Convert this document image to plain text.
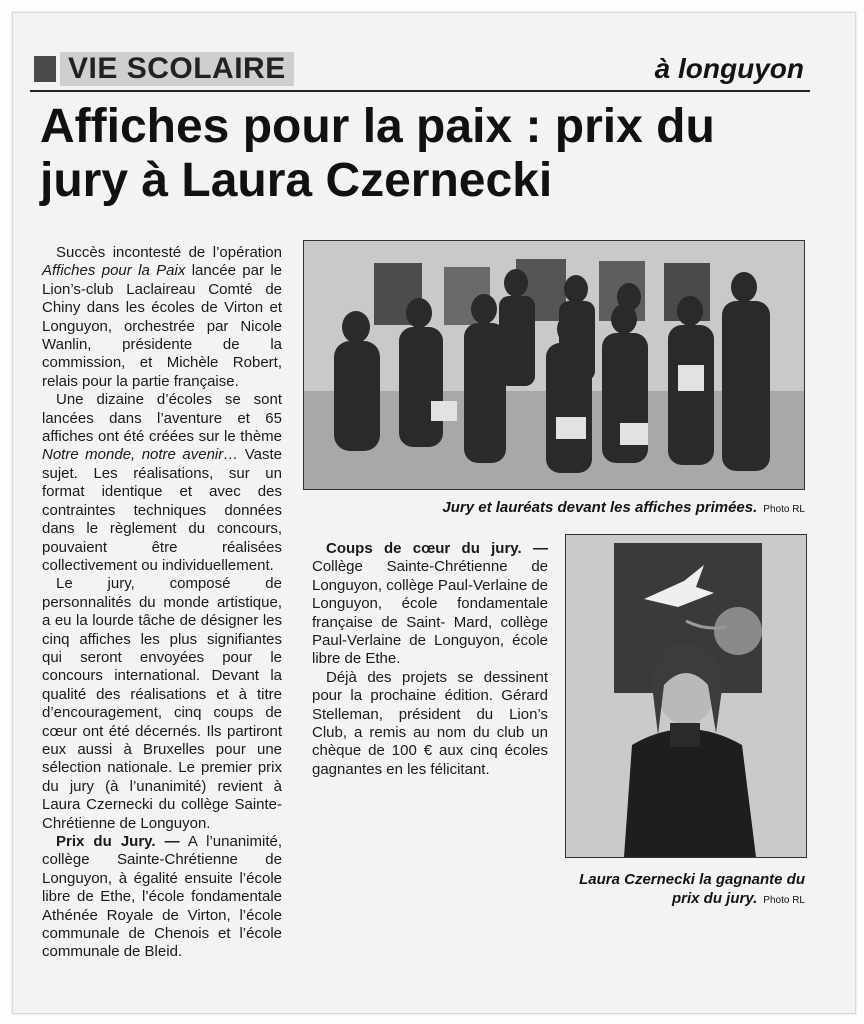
VIE SCOLAIRE	à longuyon
Affiches pour la paix : prix du jury à Laura Czernecki

Succès incontesté de l’opération Affiches pour la Paix lancée par le Lion’s-club Laclaireau Comté de Chiny dans les écoles de Virton et Longuyon, orchestrée par Nicole Wanlin, présidente de la commission, et Michèle Robert, relais pour la partie française.

Une dizaine d’écoles se sont lancées dans l’aventure et 65 affiches ont été créées sur le thème Notre monde, notre avenir… Vaste sujet. Les réalisations, sur un format identique et avec des contraintes techniques données dans le règlement du concours, pouvaient être réalisées collectivement ou individuellement.

Le jury, composé de personnalités du monde artistique, a eu la lourde tâche de désigner les cinq affiches les plus signifiantes qui seront envoyées pour le concours international. Devant la qualité des réalisations et à titre d’encouragement, cinq coups de cœur ont été décernés. Ils partiront eux aussi à Bruxelles pour une sélection nationale. Le premier prix du jury (à l’unanimité) revient à Laura Czernecki du collège Sainte- Chrétienne de Longuyon.

Prix du Jury. — A l’unanimité, collège Sainte-Chrétienne de Longuyon, à égalité ensuite l’école libre de Ethe, l’école fondamentale Athénée Royale de Virton, l’école communale de Chenois et l’école communale de Bleid.

Coups de cœur du jury. — Collège Sainte-Chrétienne de Longuyon, collège Paul-Verlaine de Longuyon, école fondamentale française de Saint- Mard, collège Paul-Verlaine de Longuyon, école libre de Ethe.

Déjà des projets se dessinent pour la prochaine édition. Gérard Stelleman, président du Lion’s Club, a remis au nom du club un chèque de 100 € aux cinq écoles gagnantes en les félicitant.

Jury et lauréats devant les affiches primées. Photo RL
Laura Czernecki la gagnante du prix du jury. Photo RL
